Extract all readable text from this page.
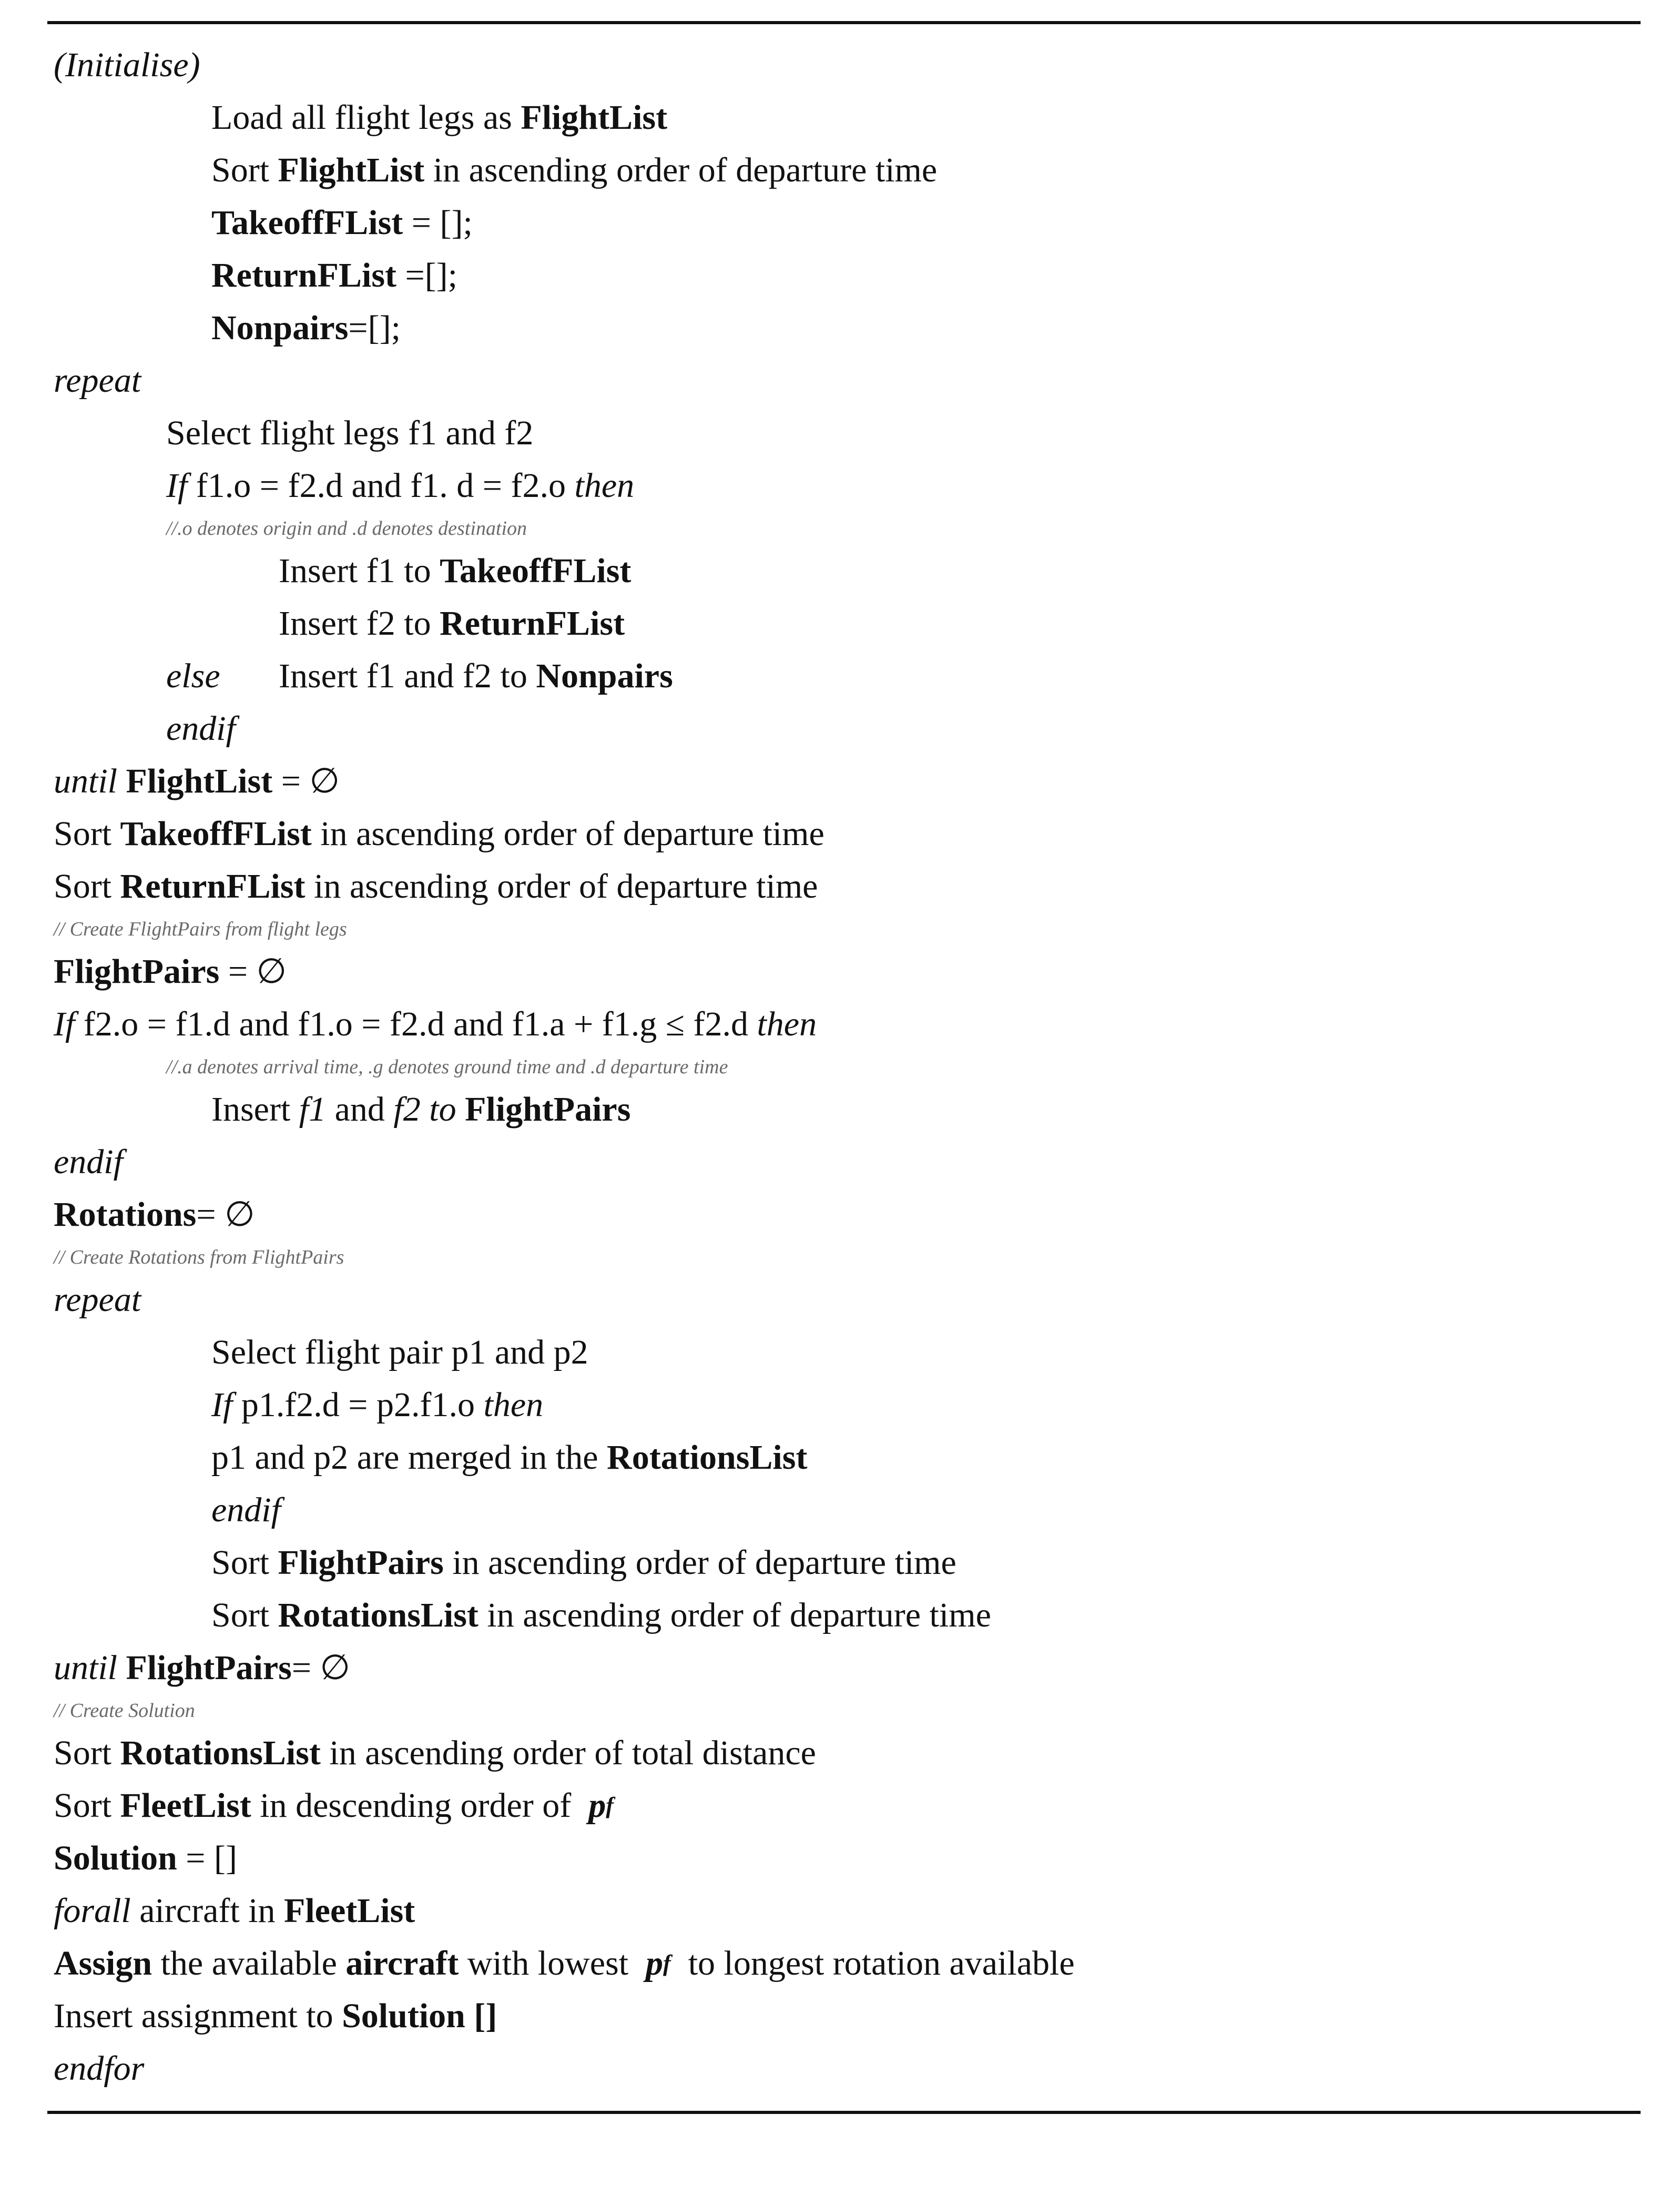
(Initialise)
Load all flight legs as FlightList
Sort FlightList in ascending order of departure time
TakeoffFList = [];
ReturnFList =[];
Nonpairs =[];
repeat
Select flight legs f1 and f2
If f1.o = f2.d and f1. d = f2.o then
//.o denotes origin and .d denotes destination
Insert f1 to TakeoffFList
Insert f2 to ReturnFList
else	Insert f1 and f2 to Nonpairs
endif
until
FlightList = ∅
Sort TakeoffFList in ascending order of departure time
Sort ReturnFList in ascending order of departure time
// Create FlightPairs from flight legs
FlightPairs = ∅
If f2.o = f1.d and f1.o = f2.d and f1.a + f1.g ≤ f2.d then
//.a denotes arrival time, .g denotes ground time and .d departure time
Insert f1 and f2 to
FlightPairs
endif
Rotations = ∅
// Create Rotations from FlightPairs
repeat
Select flight pair p1 and p2
If p1.f2.d = p2.f1.o then
p1 and p2 are merged in the RotationsList
endif
Sort FlightPairs in ascending order of departure time
Sort RotationsList in ascending order of departure time
until
FlightPairs = ∅
// Create Solution
Sort RotationsList in ascending order of total distance
Sort FleetList in descending order of p f
Solution = []
forall aircraft in FleetList
Assign the available aircraft with lowest p f to longest rotation available
Insert assignment to Solution []
endfor
